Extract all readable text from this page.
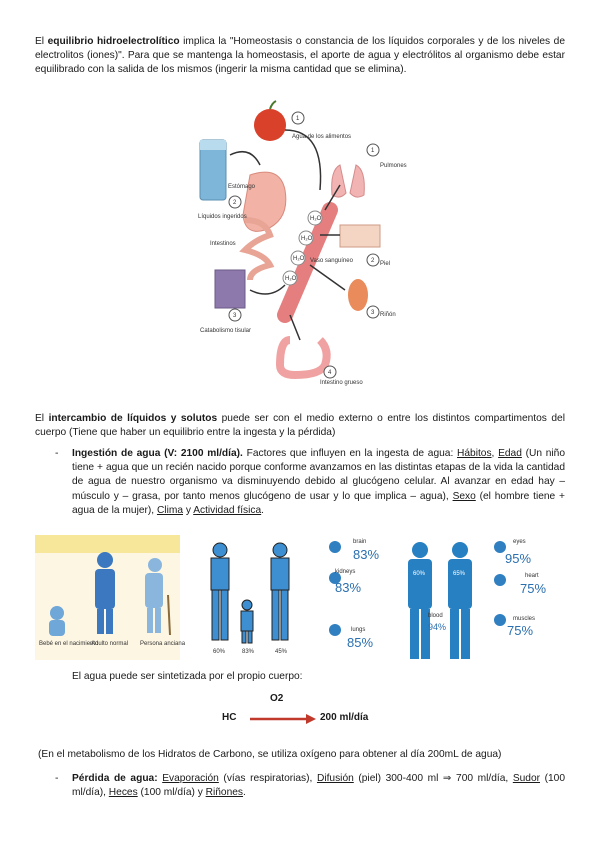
El equilibrio hidroelectrolítico implica la "Homeostasis o constancia de los líquidos corporales y de los niveles de electrolitos (iones)". Para que se mantenga la homeostasis, el aporte de agua y electrólitos al organismo debe estar equilibrado con la salida de los mismos (ingerir la misma cantidad que se elimina).

H₂O
H₂O
H₂O
H₂O
1
1
2
2
3	3
4
Agua de los alimentos
Estómago
Líquidos ingeridos
Intestinos
Catabolismo tisular
Pulmones
Vaso sanguíneo	Piel
Riñón
Intestino grueso

El intercambio de líquidos y solutos puede ser con el medio externo o entre los distintos compartimentos del cuerpo (Tiene que haber un equilibrio entre la ingesta y la pérdida)

- Ingestión de agua (V: 2100 ml/día). Factores que influyen en la ingesta de agua: Hábitos, Edad (Un niño tiene + agua que un recién nacido porque conforme avanzamos en las distintas etapas de la vida la cantidad de agua de nuestro organismo va disminuyendo debido al glucógeno celular. Al avanzar en edad hay – músculo y – grasa, por tanto menos glucógeno de usar y lo que implica – agua), Sexo (el hombre tiene + agua de la mujer), Clima y Actividad física.

Bebé en el nacimiento
Adulto normal Persona anciana
60%	83%	45%
60%	65%
brain
83%
kidneys
83%
lungs
85%
eyes
95%
heart
75%
muscles
75%
blood
94%

El agua puede ser sintetizada por el propio cuerpo:

O2
HC	200 ml/día

(En el metabolismo de los Hidratos de Carbono, se utiliza oxígeno para obtener al día 200mL de agua)

- Pérdida de agua: Evaporación (vías respiratorias), Difusión (piel) 300-400 ml ⇒ 700 ml/día, Sudor (100 ml/día), Heces (100 ml/día) y Riñones.
